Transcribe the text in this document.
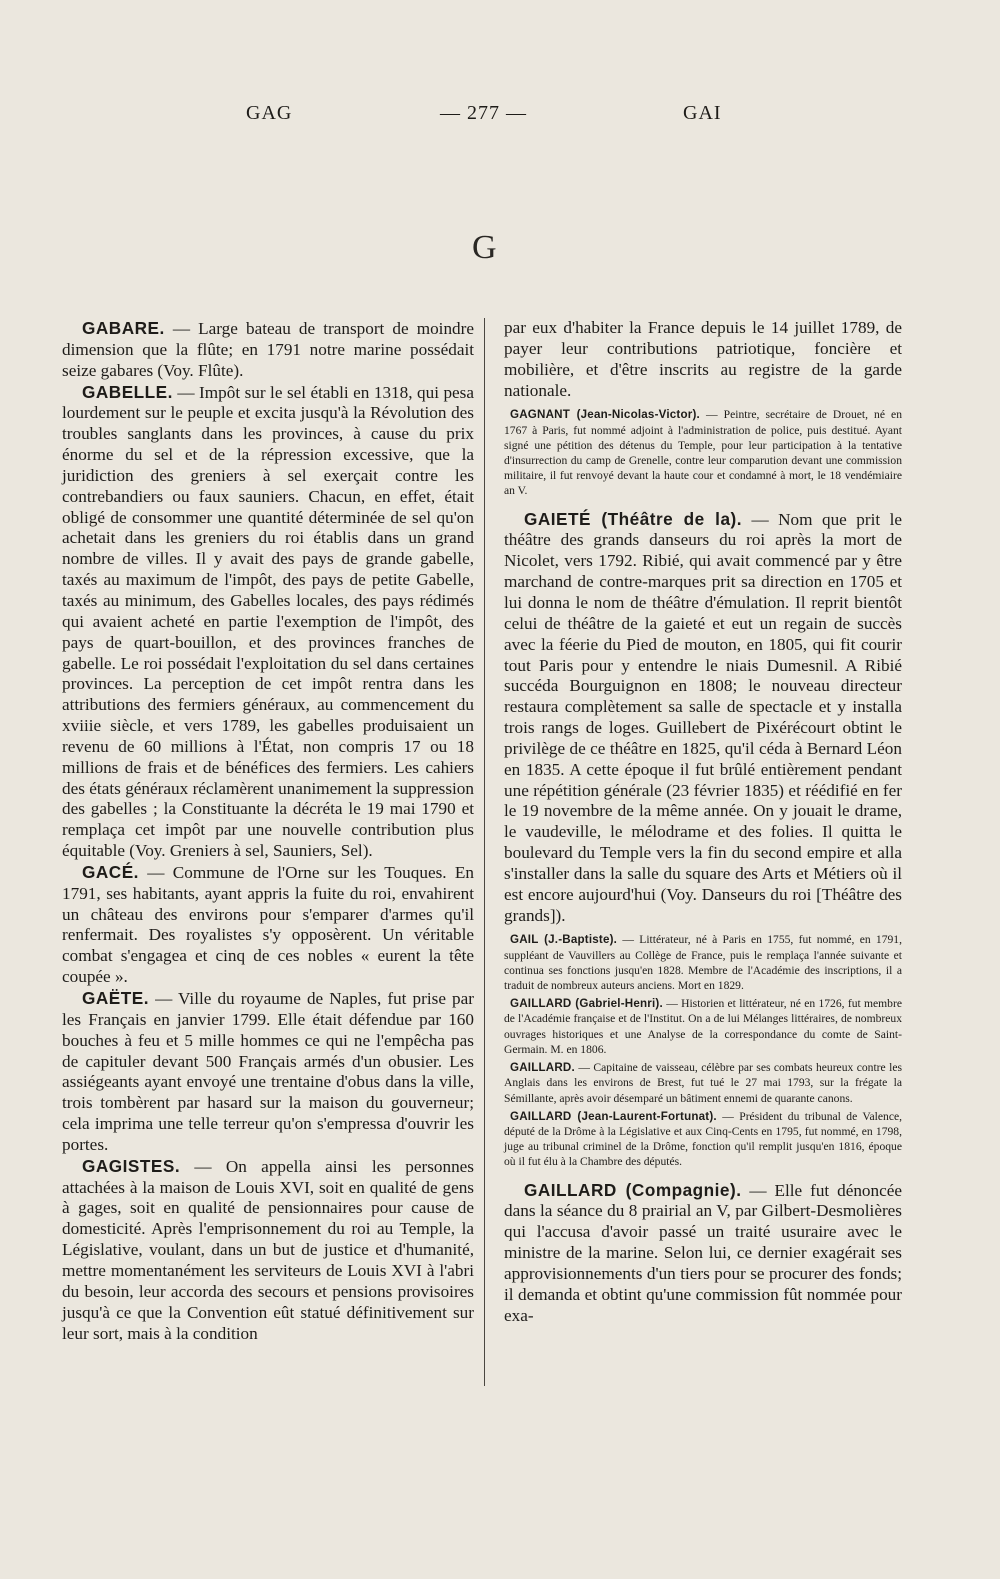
GAG	— 277 —	GAI
G

GABARE. — Large bateau de transport de moindre dimension que la flûte; en 1791 notre marine possédait seize gabares (Voy. Flûte).

GABELLE. — Impôt sur le sel établi en 1318, qui pesa lourdement sur le peuple et excita jusqu'à la Révolution des troubles sanglants dans les provinces, à cause du prix énorme du sel et de la répression excessive, que la juridiction des greniers à sel exerçait contre les contrebandiers ou faux sauniers. Chacun, en effet, était obligé de consommer une quantité déterminée de sel qu'on achetait dans les greniers du roi établis dans un grand nombre de villes. Il y avait des pays de grande gabelle, taxés au maximum de l'impôt, des pays de petite Gabelle, taxés au minimum, des Gabelles locales, des pays rédimés qui avaient acheté en partie l'exemption de l'impôt, des pays de quart-bouillon, et des provinces franches de gabelle. Le roi possédait l'exploitation du sel dans certaines provinces. La perception de cet impôt rentra dans les attributions des fermiers généraux, au commencement du xviiie siècle, et vers 1789, les gabelles produisaient un revenu de 60 millions à l'État, non compris 17 ou 18 millions de frais et de bénéfices des fermiers. Les cahiers des états généraux réclamèrent unanimement la suppression des gabelles ; la Constituante la décréta le 19 mai 1790 et remplaça cet impôt par une nouvelle contribution plus équitable (Voy. Greniers à sel, Sauniers, Sel).

GACÉ. — Commune de l'Orne sur les Touques. En 1791, ses habitants, ayant appris la fuite du roi, envahirent un château des environs pour s'emparer d'armes qu'il renfermait. Des royalistes s'y opposèrent. Un véritable combat s'engagea et cinq de ces nobles « eurent la tête coupée ».

GAËTE. — Ville du royaume de Naples, fut prise par les Français en janvier 1799. Elle était défendue par 160 bouches à feu et 5 mille hommes ce qui ne l'empêcha pas de capituler devant 500 Français armés d'un obusier. Les assiégeants ayant envoyé une trentaine d'obus dans la ville, trois tombèrent par hasard sur la maison du gouverneur; cela imprima une telle terreur qu'on s'empressa d'ouvrir les portes.

GAGISTES. — On appella ainsi les personnes attachées à la maison de Louis XVI, soit en qualité de gens à gages, soit en qualité de pensionnaires pour cause de domesticité. Après l'emprisonnement du roi au Temple, la Législative, voulant, dans un but de justice et d'humanité, mettre momentanément les serviteurs de Louis XVI à l'abri du besoin, leur accorda des secours et pensions provisoires jusqu'à ce que la Convention eût statué définitivement sur leur sort, mais à la condition

par eux d'habiter la France depuis le 14 juillet 1789, de payer leur contributions patriotique, foncière et mobilière, et d'être inscrits au registre de la garde nationale.

GAGNANT (Jean-Nicolas-Victor). — Peintre, secrétaire de Drouet, né en 1767 à Paris, fut nommé adjoint à l'administration de police, puis destitué. Ayant signé une pétition des détenus du Temple, pour leur participation à la tentative d'insurrection du camp de Grenelle, contre leur comparution devant une commission militaire, il fut renvoyé devant la haute cour et condamné à mort, le 18 vendémiaire an V.

GAIETÉ (Théâtre de la). — Nom que prit le théâtre des grands danseurs du roi après la mort de Nicolet, vers 1792. Ribié, qui avait commencé par y être marchand de contre-marques prit sa direction en 1705 et lui donna le nom de théâtre d'émulation. Il reprit bientôt celui de théâtre de la gaieté et eut un regain de succès avec la féerie du Pied de mouton, en 1805, qui fit courir tout Paris pour y entendre le niais Dumesnil. A Ribié succéda Bourguignon en 1808; le nouveau directeur restaura complètement sa salle de spectacle et y installa trois rangs de loges. Guillebert de Pixérécourt obtint le privilège de ce théâtre en 1825, qu'il céda à Bernard Léon en 1835. A cette époque il fut brûlé entièrement pendant une répétition générale (23 février 1835) et réédifié en fer le 19 novembre de la même année. On y jouait le drame, le vaudeville, le mélodrame et des folies. Il quitta le boulevard du Temple vers la fin du second empire et alla s'installer dans la salle du square des Arts et Métiers où il est encore aujourd'hui (Voy. Danseurs du roi [Théâtre des grands]).

GAIL (J.-Baptiste). — Littérateur, né à Paris en 1755, fut nommé, en 1791, suppléant de Vauvillers au Collège de France, puis le remplaça l'année suivante et continua ses fonctions jusqu'en 1828. Membre de l'Académie des inscriptions, il a traduit de nombreux auteurs anciens. Mort en 1829.

GAILLARD (Gabriel-Henri). — Historien et littérateur, né en 1726, fut membre de l'Académie française et de l'Institut. On a de lui Mélanges littéraires, de nombreux ouvrages historiques et une Analyse de la correspondance du comte de Saint-Germain. M. en 1806.

GAILLARD. — Capitaine de vaisseau, célèbre par ses combats heureux contre les Anglais dans les environs de Brest, fut tué le 27 mai 1793, sur la frégate la Sémillante, après avoir désemparé un bâtiment ennemi de quarante canons.

GAILLARD (Jean-Laurent-Fortunat). — Président du tribunal de Valence, député de la Drôme à la Législative et aux Cinq-Cents en 1795, fut nommé, en 1798, juge au tribunal criminel de la Drôme, fonction qu'il remplit jusqu'en 1816, époque où il fut élu à la Chambre des députés.

GAILLARD (Compagnie). — Elle fut dénoncée dans la séance du 8 prairial an V, par Gilbert-Desmolières qui l'accusa d'avoir passé un traité usuraire avec le ministre de la marine. Selon lui, ce dernier exagérait ses approvisionnements d'un tiers pour se procurer des fonds; il demanda et obtint qu'une commission fût nommée pour exa-
